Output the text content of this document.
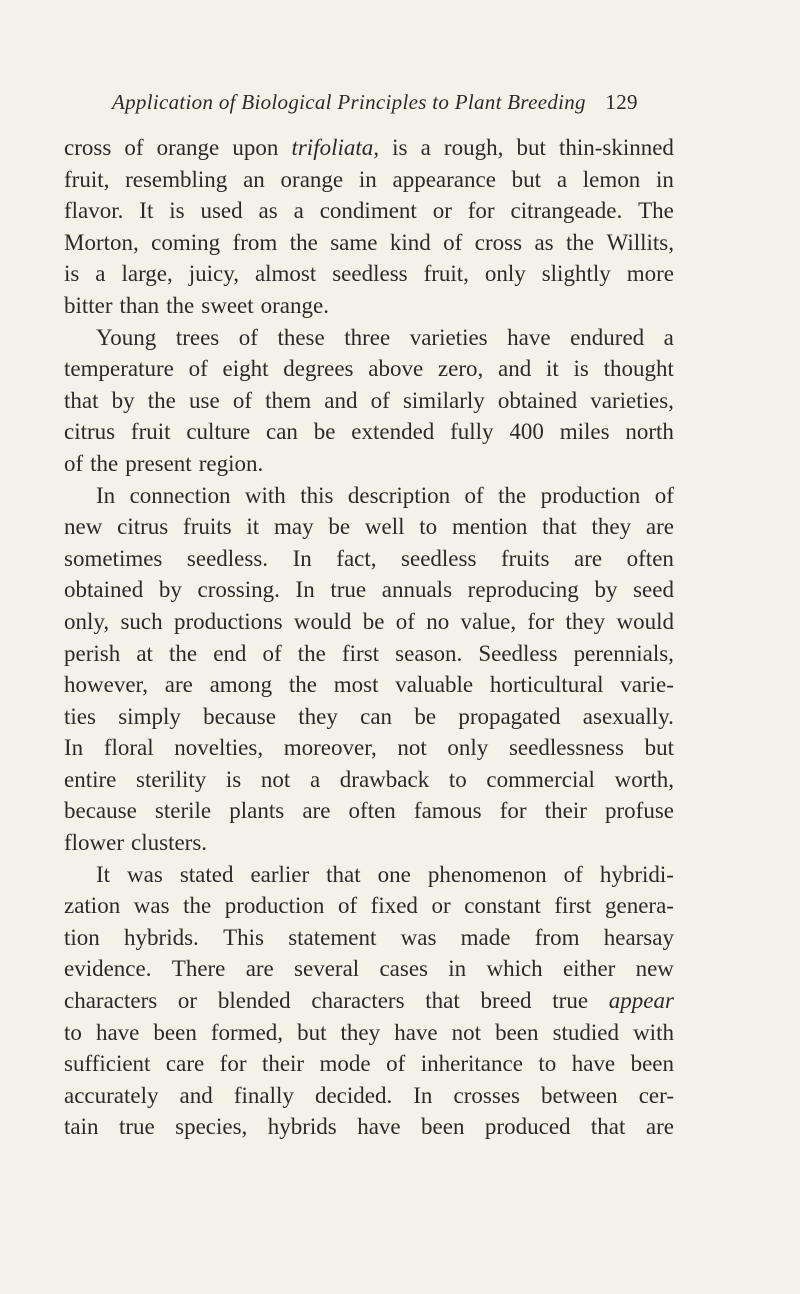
Application of Biological Principles to Plant Breeding 129
cross of orange upon trifoliata, is a rough, but thin-skinned
fruit, resembling an orange in appearance but a lemon in
flavor. It is used as a condiment or for citrangeade. The
Morton, coming from the same kind of cross as the Willits,
is a large, juicy, almost seedless fruit, only slightly more
bitter than the sweet orange.
Young trees of these three varieties have endured a
temperature of eight degrees above zero, and it is thought
that by the use of them and of similarly obtained varieties,
citrus fruit culture can be extended fully 400 miles north
of the present region.
In connection with this description of the production of
new citrus fruits it may be well to mention that they are
sometimes seedless. In fact, seedless fruits are often
obtained by crossing. In true annuals reproducing by seed
only, such productions would be of no value, for they would
perish at the end of the first season. Seedless perennials,
however, are among the most valuable horticultural varie-
ties simply because they can be propagated asexually.
In floral novelties, moreover, not only seedlessness but
entire sterility is not a drawback to commercial worth,
because sterile plants are often famous for their profuse
flower clusters.
It was stated earlier that one phenomenon of hybridi-
zation was the production of fixed or constant first genera-
tion hybrids. This statement was made from hearsay
evidence. There are several cases in which either new
characters or blended characters that breed true appear
to have been formed, but they have not been studied with
sufficient care for their mode of inheritance to have been
accurately and finally decided. In crosses between cer-
tain true species, hybrids have been produced that are
